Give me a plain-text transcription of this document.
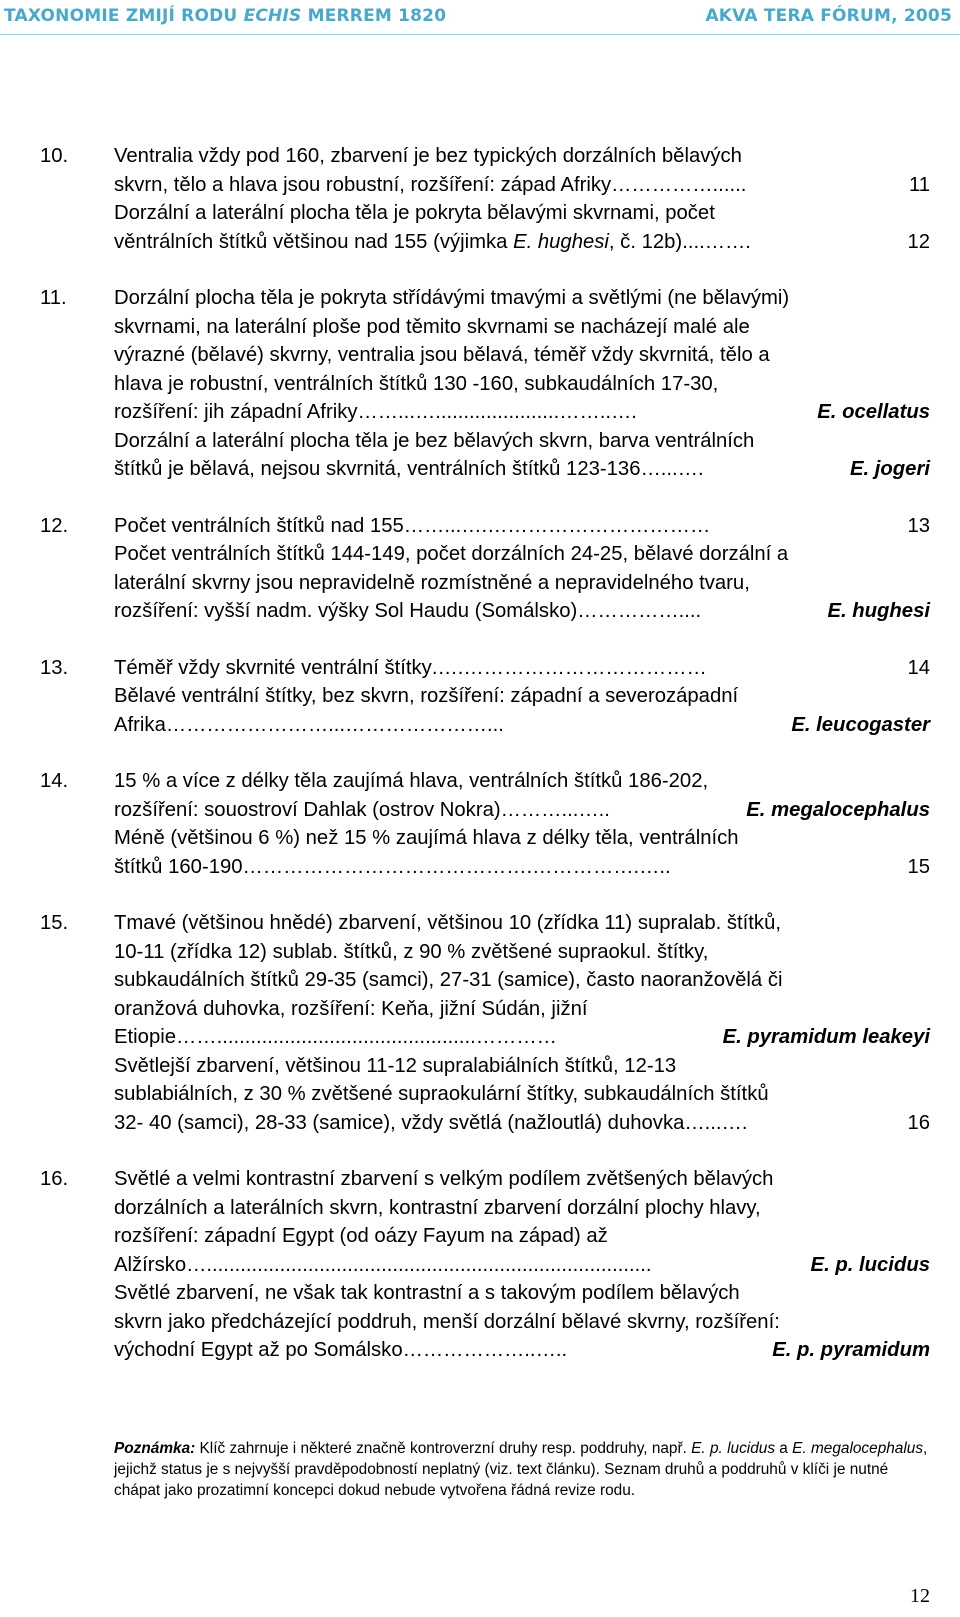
TAXONOMIE ZMIJÍ RODU ECHIS MERREM 1820	AKVA TERA FÓRUM, 2005
10. Ventralia vždy pod 160, zbarvení je bez typických dorzálních bělavých
skvrn, tělo a hlava jsou robustní, rozšíření: západ Afriky ……………......	11
Dorzální a laterální plocha těla je pokryta bělavými skvrnami, počet
věntrálních štítků většinou nad 155 (výjimka E. hughesi, č. 12b) ....…….	12
11. Dorzální plocha těla je pokryta střídávými tmavými a světlými (ne bělavými)
skvrnami, na laterální ploše pod těmito skvrnami se nacházejí malé ale
výrazné (bělavé) skvrny, ventralia jsou bělavá, téměř vždy skvrnitá, tělo a
hlava je robustní, ventrálních štítků 130 -160, subkaudálních 17-30,
rozšíření: jih západní Afriky ……...…......................……..….	E. ocellatus
Dorzální a laterální plocha těla je bez bělavých skvrn, barva ventrálních
štítků je bělavá, nejsou skvrnitá, ventrálních štítků 123-136 …...….	E. jogeri
12. Počet ventrálních štítků nad 155 ……...….……………………………	13
Počet ventrálních štítků 144-149, počet dorzálních 24-25, bělavé dorzální a
laterální skvrny jsou nepravidelně rozmístněné a nepravidelného tvaru,
rozšíření: vyšší nadm. výšky Sol Haudu (Somálsko) ……………....	E. hughesi
13. Téměř vždy skvrnité ventrální štítky .….………………………………	14
Bělavé ventrální štítky, bez skvrn, rozšíření: západní a severozápadní
Afrika ……………………...…………………...	E. leucogaster
14. 15 % a více z délky těla zaujímá hlava, ventrálních štítků 186-202,
rozšíření: souostroví Dahlak (ostrov Nokra) ………...…..	E. megalocephalus
Méně (většinou 6 %) než 15 % zaujímá hlava z délky těla, ventrálních
štítků 160-190 …………………………………….…………….…..	15
15. Tmavé (většinou hnědé) zbarvení, většinou 10 (zřídka 11) supralab. štítků,
10-11 (zřídka 12) sublab. štítků, z 90 % zvětšené supraokul. štítky,
subkaudálních štítků 29-35 (samci), 27-31 (samice), často naoranžovělá či
oranžová duhovka, rozšíření: Keňa, jižní Súdán, jižní
Etiopie ……..............................................…………	E. pyramidum leakeyi
Světlejší zbarvení, většinou 11-12 supralabiálních štítků, 12-13
sublabiálních, z 30 % zvětšené supraokulární štítky, subkaudálních štítků
32- 40 (samci), 28-33 (samice), vždy světlá (nažloutlá) duhovka …...….	16
16. Světlé a velmi kontrastní zbarvení s velkým podílem zvětšených bělavých
dorzálních a laterálních skvrn, kontrastní zbarvení dorzální plochy hlavy,
rozšíření: západní Egypt (od oázy Fayum na západ) až
Alžírsko …...............................................................................	E. p. lucidus
Světlé zbarvení, ne však tak kontrastní a s takovým podílem bělavých
skvrn jako předcházející poddruh, menší dorzální bělavé skvrny, rozšíření:
východní Egypt až po Somálsko ………………..…..	E. p. pyramidum
Poznámka: Klíč zahrnuje i některé značně kontroverzní druhy resp. poddruhy, např. E. p. lucidus a E. megalocephalus, jejichž status je s nejvyšší pravděpodobností neplatný (viz. text článku). Seznam druhů a poddruhů v klíči je nutné chápat jako prozatimní koncepci dokud nebude vytvořena řádná revize rodu.
12
